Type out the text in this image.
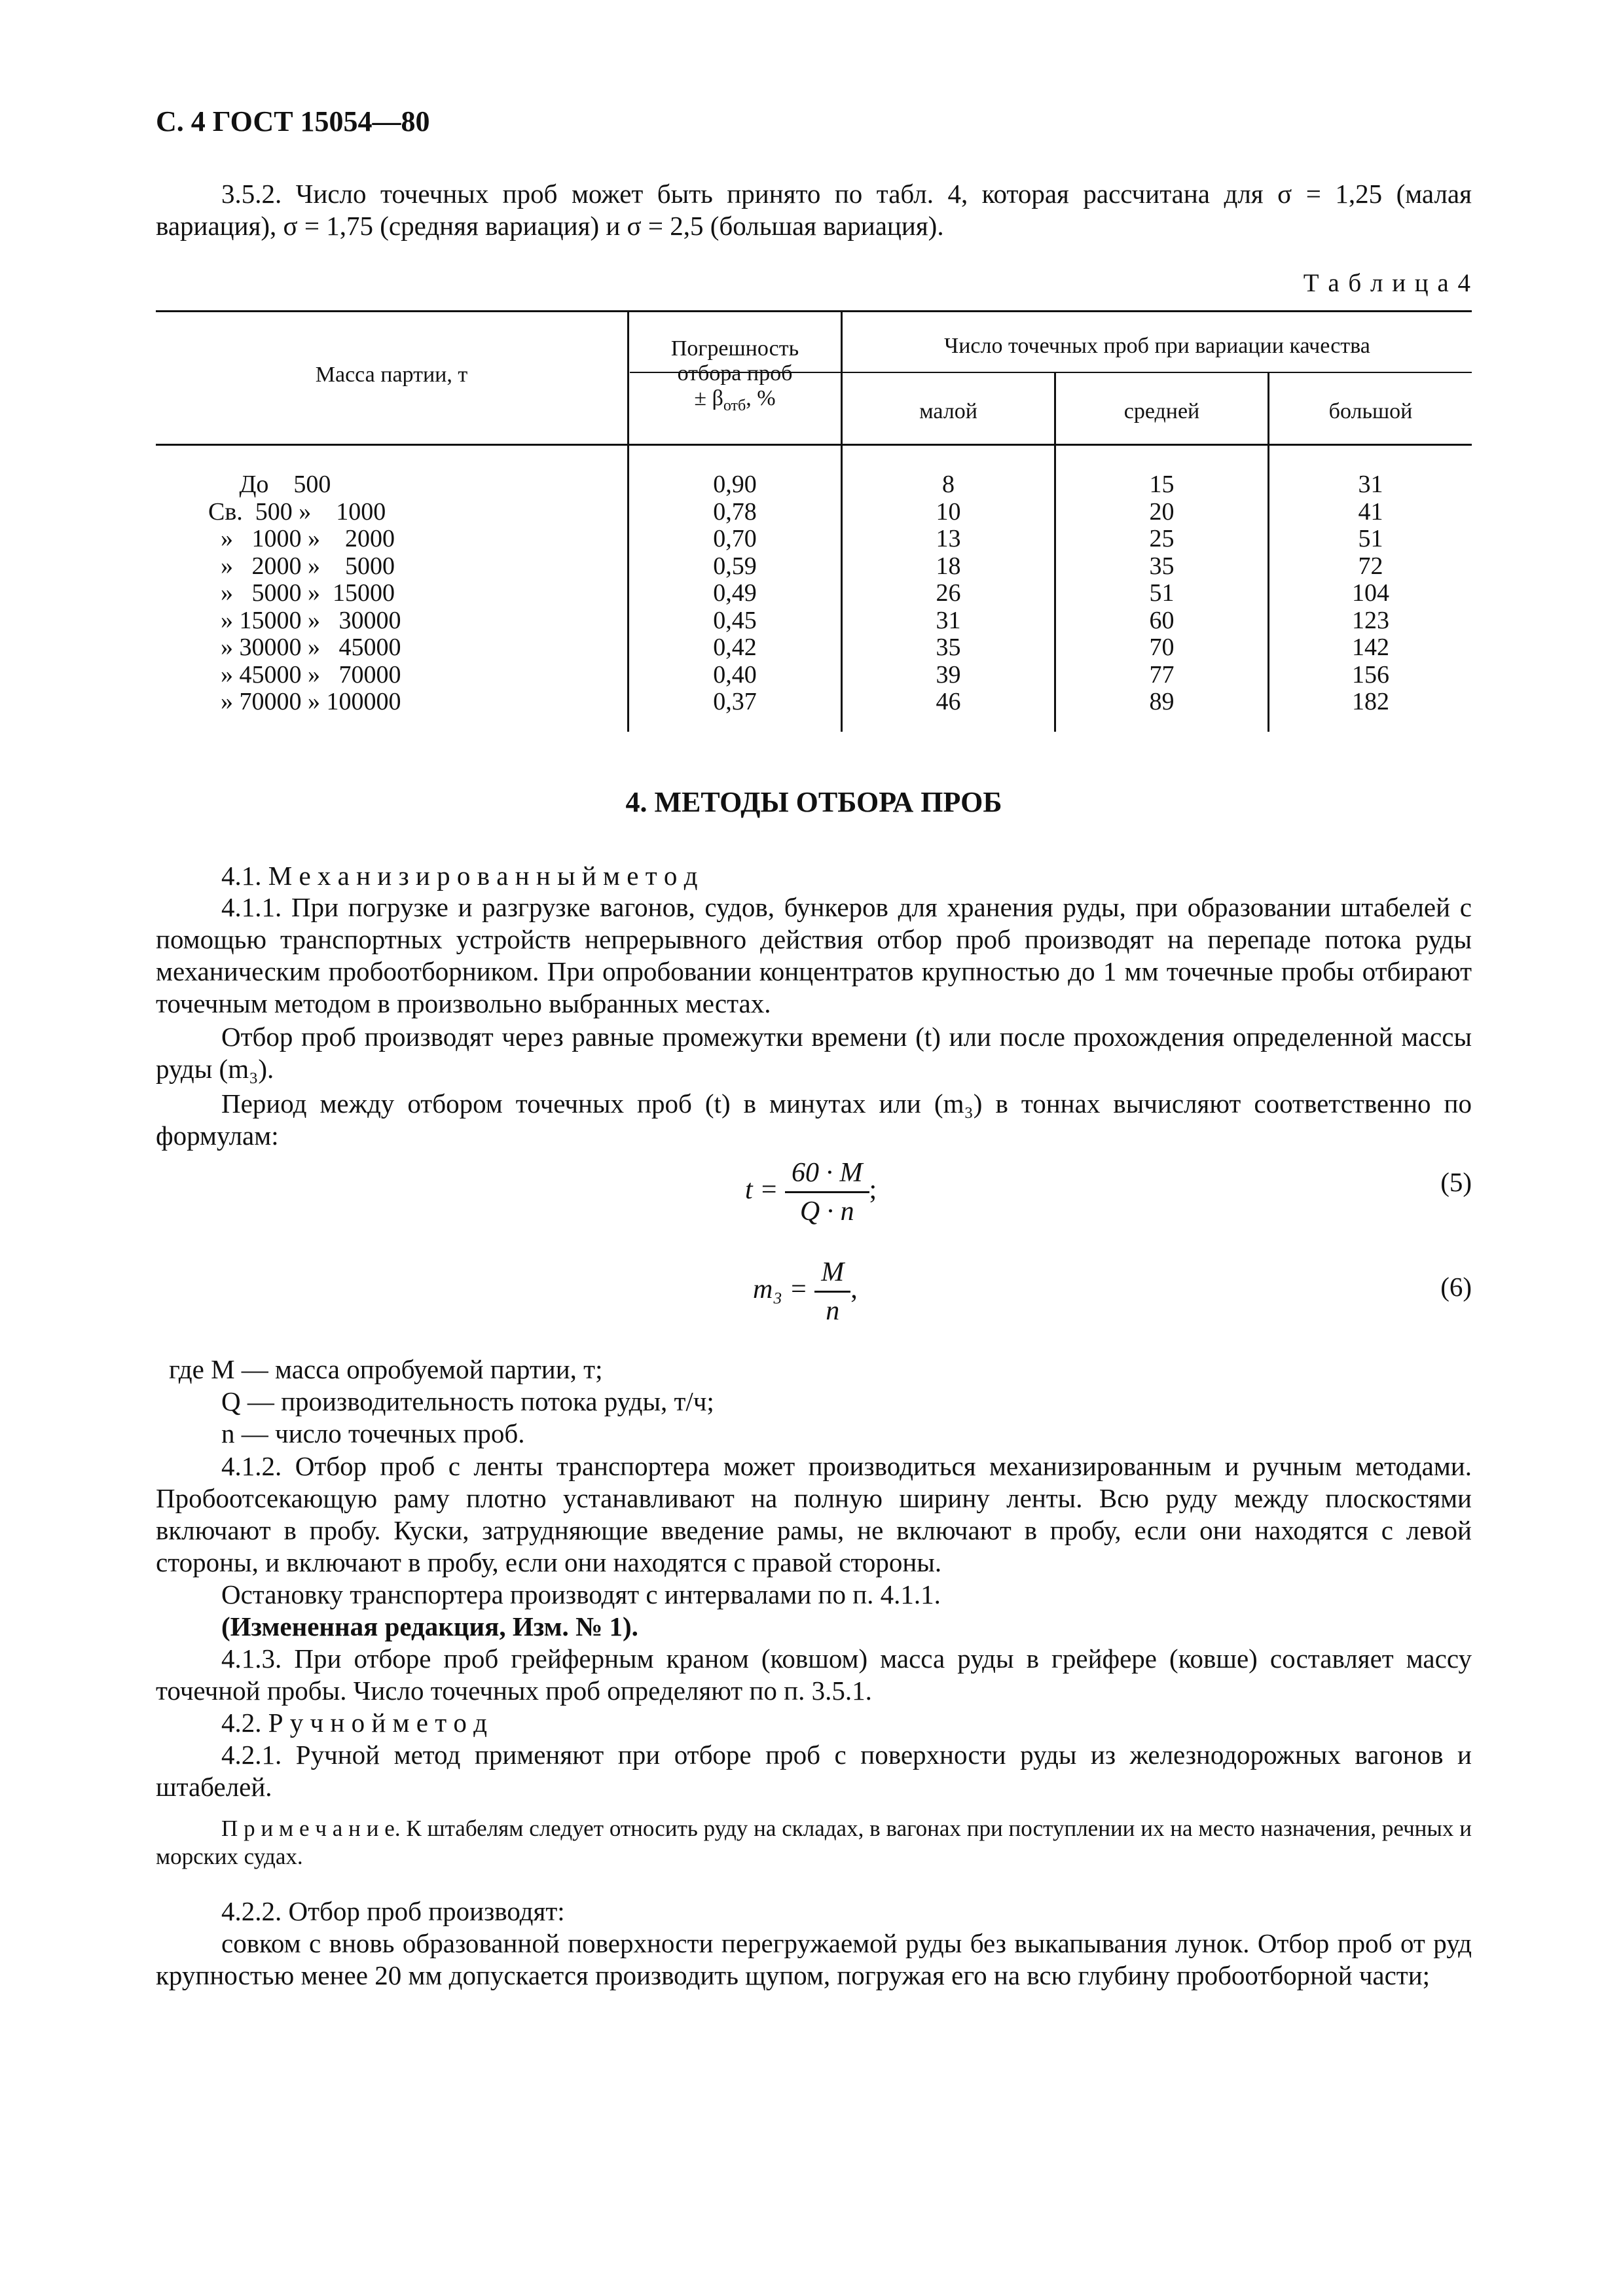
С. 4 ГОСТ 15054—80
3.5.2. Число точечных проб может быть принято по табл. 4, которая рассчитана для σ = 1,25 (малая вариация), σ = 1,75 (средняя вариация) и σ = 2,5 (большая вариация).
Т а б л и ц а 4
Масса партии, т
Погрешность
отбора проб
± $\beta_{отб}$, %
Число точечных проб при вариации качества
малой	средней	большой
До    500	0,90	8	15	31
Св.  500 »    1000	0,78	10	20	41
»   1000 »    2000	0,70	13	25	51
»   2000 »    5000	0,59	18	35	72
»   5000 »  15000	0,49	26	51	104
» 15000 »   30000	0,45	31	60	123
» 30000 »   45000	0,42	35	70	142
» 45000 »   70000	0,40	39	77	156
» 70000 » 100000	0,37	46	89	182
4. МЕТОДЫ ОТБОРА ПРОБ
4.1. М е х а н и з и р о в а н н ы й м е т о д
4.1.1. При погрузке и разгрузке вагонов, судов, бункеров для хранения руды, при образовании штабелей с помощью транспортных устройств непрерывного действия отбор проб производят на перепаде потока руды механическим пробоотборником. При опробовании концентратов крупностью до 1 мм точечные пробы отбирают точечным методом в произвольно выбранных местах.
Отбор проб производят через равные промежутки времени (t) или после прохождения определенной массы руды (m₃).
Период между отбором точечных проб (t) в минутах или (m₃) в тоннах вычисляют соответственно по формулам:
$t = \frac{60 \cdot M}{Q \cdot n}$ ;	(5)
$m_3 = \frac{M}{n}$ ,	(6)
где M — масса опробуемой партии, т;
Q — производительность потока руды, т/ч;
n — число точечных проб.
4.1.2. Отбор проб с ленты транспортера может производиться механизированным и ручным методами. Пробоотсекающую раму плотно устанавливают на полную ширину ленты. Всю руду между плоскостями включают в пробу. Куски, затрудняющие введение рамы, не включают в пробу, если они находятся с левой стороны, и включают в пробу, если они находятся с правой стороны.
Остановку транспортера производят с интервалами по п. 4.1.1.
(Измененная редакция, Изм. № 1).
4.1.3. При отборе проб грейферным краном (ковшом) масса руды в грейфере (ковше) составляет массу точечной пробы. Число точечных проб определяют по п. 3.5.1.
4.2. Р у ч н о й м е т о д
4.2.1. Ручной метод применяют при отборе проб с поверхности руды из железнодорожных вагонов и штабелей.
П р и м е ч а н и е. К штабелям следует относить руду на складах, в вагонах при поступлении их на место назначения, речных и морских судах.
4.2.2. Отбор проб производят:
совком с вновь образованной поверхности перегружаемой руды без выкапывания лунок. Отбор проб от руд крупностью менее 20 мм допускается производить щупом, погружая его на всю глубину пробоотборной части;
